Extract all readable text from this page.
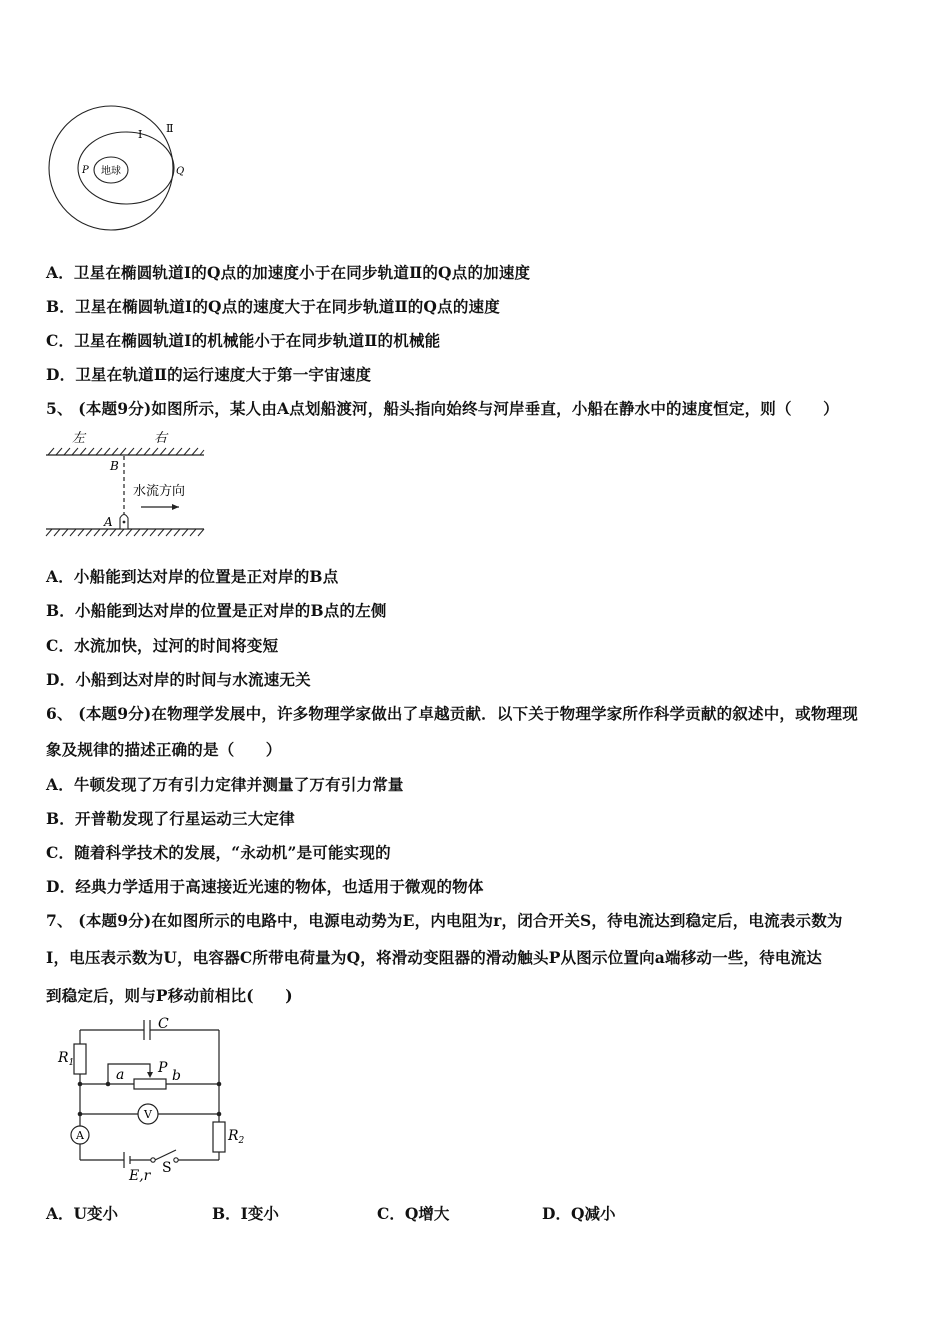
地球
P	Q
Ⅰ Ⅱ
A．卫星在椭圆轨道Ⅰ的Q点的加速度小于在同步轨道Ⅱ的Q点的加速度
B．卫星在椭圆轨道Ⅰ的Q点的速度大于在同步轨道Ⅱ的Q点的速度
C．卫星在椭圆轨道Ⅰ的机械能小于在同步轨道Ⅱ的机械能
D．卫星在轨道Ⅱ的运行速度大于第一宇宙速度
5、 (本题9分)如图所示，某人由A点划船渡河，船头指向始终与河岸垂直，小船在静水中的速度恒定，则（　　）
左	右
B
A
水流方向
A．小船能到达对岸的位置是正对岸的B点
B．小船能到达对岸的位置是正对岸的B点的左侧
C．水流加快，过河的时间将变短
D．小船到达对岸的时间与水流速无关
6、 (本题9分)在物理学发展中，许多物理学家做出了卓越贡献．以下关于物理学家所作科学贡献的叙述中，或物理现
象及规律的描述正确的是（　　）
A．牛顿发现了万有引力定律并测量了万有引力常量
B．开普勒发现了行星运动三大定律
C．随着科学技术的发展，“永动机”是可能实现的
D．经典力学适用于高速接近光速的物体，也适用于微观的物体
7、 (本题9分)在如图所示的电路中，电源电动势为E，内电阻为r，闭合开关S，待电流达到稳定后，电流表示数为
I，电压表示数为U，电容器C所带电荷量为Q，将滑动变阻器的滑动触头P从图示位置向a端移动一些，待电流达
到稳定后，则与P移动前相比(　　)
V
A
C
$R_1$
a P b
$R_2$
E,r S
A．U变小	B．I变小	C．Q增大	D．Q减小
